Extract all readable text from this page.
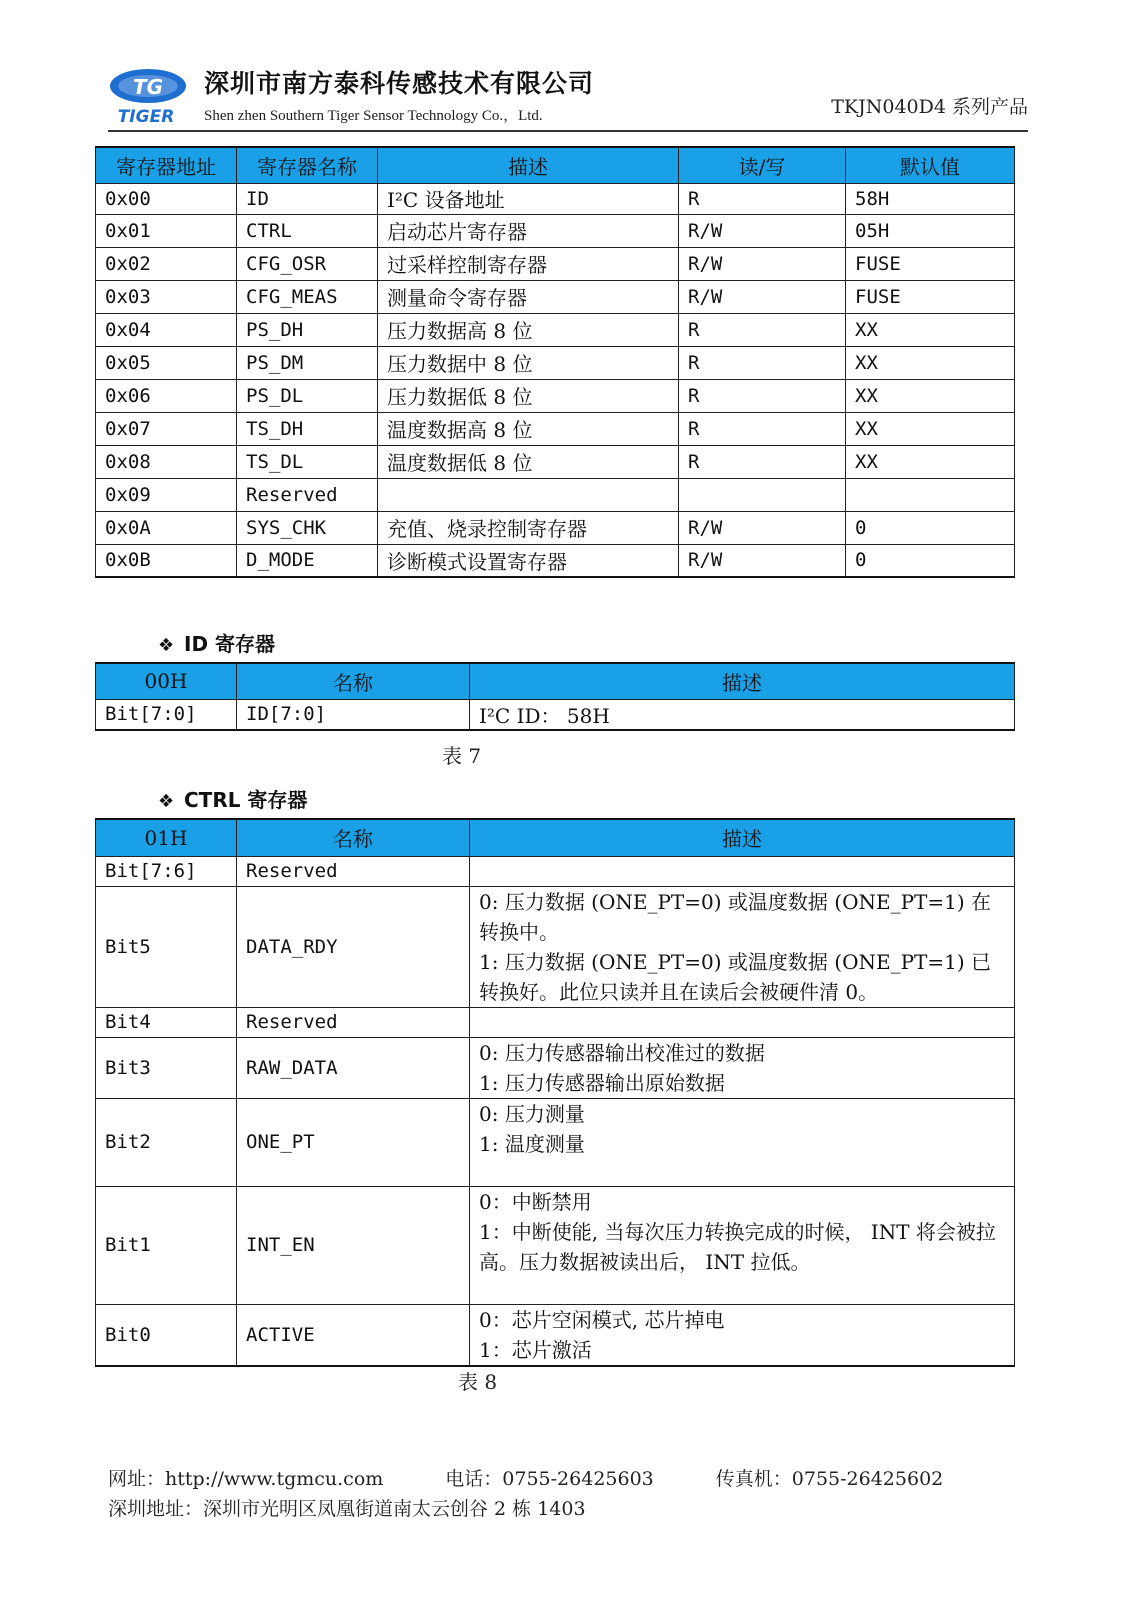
TG
TIGER
深圳市南方泰科传感技术有限公司
Shen zhen Southern Tiger Sensor Technology Co.，Ltd.	TKJN040D4 系列产品
寄存器地址	寄存器名称	描述	读/写	默认值
0x00	ID	I²C 设备地址	R	58H
0x01	CTRL	启动芯片寄存器	R/W	05H
0x02	CFG_OSR	过采样控制寄存器	R/W	FUSE
0x03	CFG_MEAS	测量命令寄存器	R/W	FUSE
0x04	PS_DH	压力数据高 8 位	R	XX
0x05	PS_DM	压力数据中 8 位	R	XX
0x06	PS_DL	压力数据低 8 位	R	XX
0x07	TS_DH	温度数据高 8 位	R	XX
0x08	TS_DL	温度数据低 8 位	R	XX
0x09	Reserved			
0x0A	SYS_CHK	充值、烧录控制寄存器	R/W	0
0x0B	D_MODE	诊断模式设置寄存器	R/W	0
❖ ID 寄存器
00H	名称	描述
Bit[7:0]	ID[7:0]	I²C ID： 58H
表 7
❖ CTRL 寄存器
01H	名称	描述
Bit[7:6]	Reserved	
Bit5	DATA_RDY	0: 压力数据 (ONE_PT=0) 或温度数据 (ONE_PT=1) 在转换中。
1: 压力数据 (ONE_PT=0) 或温度数据 (ONE_PT=1) 已转换好。此位只读并且在读后会被硬件清 0。

Bit4	Reserved	
Bit3	RAW_DATA	0: 压力传感器输出校准过的数据
1: 压力传感器输出原始数据

Bit2	ONE_PT	0: 压力测量
1: 温度测量

Bit1	INT_EN	0：中断禁用
1：中断使能, 当每次压力转换完成的时候， INT 将会被拉高。压力数据被读出后， INT 拉低。

Bit0	ACTIVE	0：芯片空闲模式, 芯片掉电
1：芯片激活
表 8
网址：http://www.tgmcu.com	电话：0755-26425603	传真机：0755-26425602
深圳地址：深圳市光明区凤凰街道南太云创谷 2 栋 1403
